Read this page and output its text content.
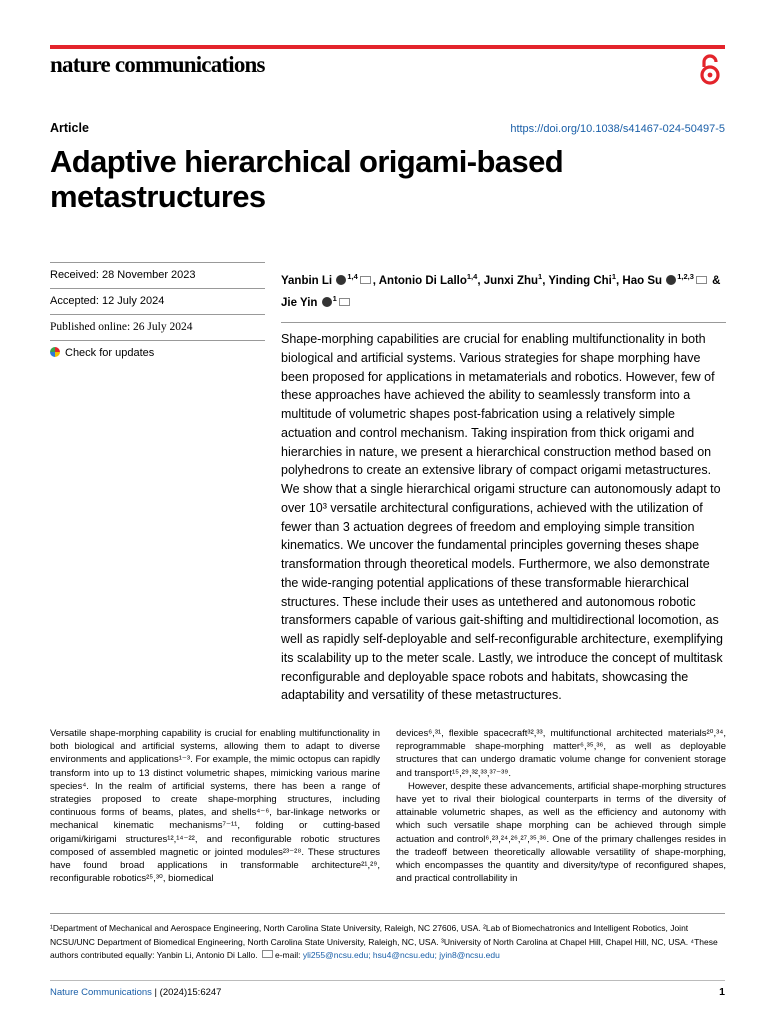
nature communications
Article	https://doi.org/10.1038/s41467-024-50497-5
Adaptive hierarchical origami-based metastructures
Received: 28 November 2023
Accepted: 12 July 2024
Published online: 26 July 2024
Check for updates
Yanbin Li $^{1,4}$ , Antonio Di Lallo$^{1,4}$, Junxi Zhu$^1$, Yinding Chi$^1$, Hao Su $^{1,2,3}$ & Jie Yin $^1$
Shape-morphing capabilities are crucial for enabling multifunctionality in both biological and artificial systems. Various strategies for shape morphing have been proposed for applications in metamaterials and robotics. However, few of these approaches have achieved the ability to seamlessly transform into a multitude of volumetric shapes post-fabrication using a relatively simple actuation and control mechanism. Taking inspiration from thick origami and hierarchies in nature, we present a hierarchical construction method based on polyhedrons to create an extensive library of compact origami metastructures. We show that a single hierarchical origami structure can autonomously adapt to over 10³ versatile architectural configurations, achieved with the utilization of fewer than 3 actuation degrees of freedom and employing simple transition kinematics. We uncover the fundamental principles governing theses shape transformation through theoretical models. Furthermore, we also demonstrate the wide-ranging potential applications of these transformable hierarchical structures. These include their uses as untethered and autonomous robotic transformers capable of various gait-shifting and multidirectional locomotion, as well as rapidly self-deployable and self-reconfigurable architecture, exemplifying its scalability up to the meter scale. Lastly, we introduce the concept of multitask reconfigurable and deployable space robots and habitats, showcasing the adaptability and versatility of these metastructures.

Versatile shape-morphing capability is crucial for enabling multifunctionality in both biological and artificial systems, allowing them to adapt to diverse environments and applications¹⁻³. For example, the mimic octopus can rapidly transform into up to 13 distinct volumetric shapes, mimicking various marine species⁴. In the realm of artificial systems, there has been a range of strategies proposed to create shape-morphing structures, including continuous forms of beams, plates, and shells⁴⁻⁶, bar-linkage networks or mechanical kinematic mechanisms⁷⁻¹¹, folding or cutting-based origami/kirigami structures¹²,¹⁴⁻²², and reconfigurable robotic structures composed of assembled magnetic or jointed modules²³⁻²⁸. These structures have found broad applications in transformable architecture²¹,²⁹, reconfigurable robotics²⁵,³⁰, biomedical

devices⁶,³¹, flexible spacecraft³²,³³, multifunctional architected materials²⁰,³⁴, reprogrammable shape-morphing matter⁶,³⁵,³⁶, as well as deployable structures that can undergo dramatic volume change for convenient storage and transport¹⁵,²⁹,³²,³³,³⁷⁻³⁹.

However, despite these advancements, artificial shape-morphing structures have yet to rival their biological counterparts in terms of the diversity of attainable volumetric shapes, as well as the efficiency and autonomy with which such versatile shape morphing can be achieved through simple actuation and control⁶,²³,²⁴,²⁶,²⁷,³⁵,³⁶. One of the primary challenges resides in the tradeoff between theoretically allowable versatility of shape-morphing, which encompasses the quantity and diversity/type of reconfigured shapes, and practical controllability in

¹Department of Mechanical and Aerospace Engineering, North Carolina State University, Raleigh, NC 27606, USA. ²Lab of Biomechatronics and Intelligent Robotics, Joint NCSU/UNC Department of Biomedical Engineering, North Carolina State University, Raleigh, NC, USA. ³University of North Carolina at Chapel Hill, Chapel Hill, NC, USA. ⁴These authors contributed equally: Yanbin Li, Antonio Di Lallo. e-mail: yli255@ncsu.edu; hsu4@ncsu.edu; jyin8@ncsu.edu
Nature Communications | (2024)15:6247	1
